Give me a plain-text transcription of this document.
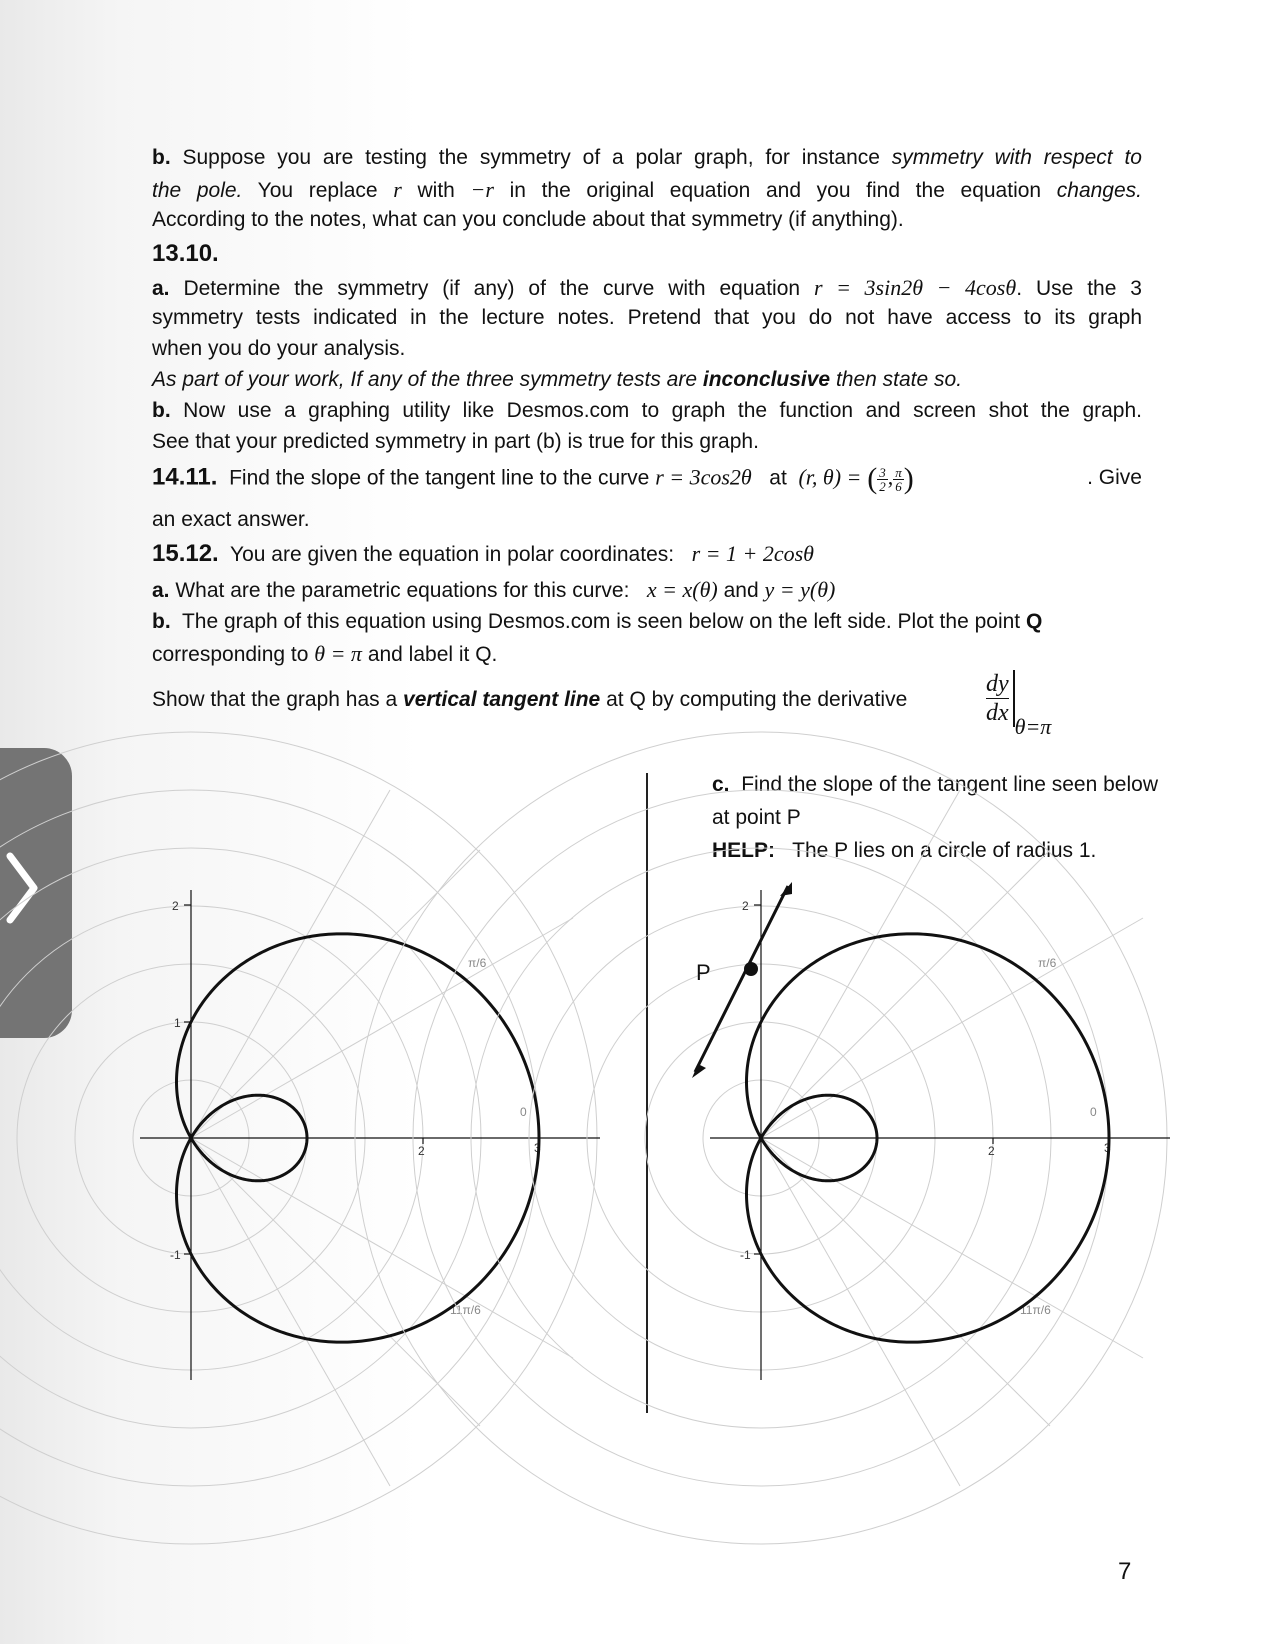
b. Suppose you are testing the symmetry of a polar graph, for instance symmetry with respect to
the pole. You replace r with −r in the original equation and you find the equation changes.
According to the notes, what can you conclude about that symmetry (if anything).
13.10.
a. Determine the symmetry (if any) of the curve with equation r = 3sin2θ − 4cosθ. Use the 3
symmetry tests indicated in the lecture notes. Pretend that you do not have access to its graph
when you do your analysis.
As part of your work, If any of the three symmetry tests are inconclusive then state so.
b. Now use a graphing utility like Desmos.com to graph the function and screen shot the graph.
See that your predicted symmetry in part (b) is true for this graph.
14.11. Find the slope of the tangent line to the curve r = 3cos2θ at (r, θ) = ( $\frac{3}{2}$ , $\frac{\pi}{6}$ )	. Give
an exact answer.
15.12. You are given the equation in polar coordinates: r = 1 + 2cosθ
a. What are the parametric equations for this curve: x = x(θ) and y = y(θ)
b. The graph of this equation using Desmos.com is seen below on the left side. Plot the point Q
corresponding to θ = π and label it Q.
Show that the graph has a vertical tangent line at Q by computing the derivative	$\frac{dy}{dx} \theta=\pi$
c. Find the slope of the tangent line seen below
at point P
HELP: The P lies on a circle of radius 1.
2
1
-1
2
0
3
π/6
11π/6
2
-1
2
0
3
π/6
11π/6
P
7
